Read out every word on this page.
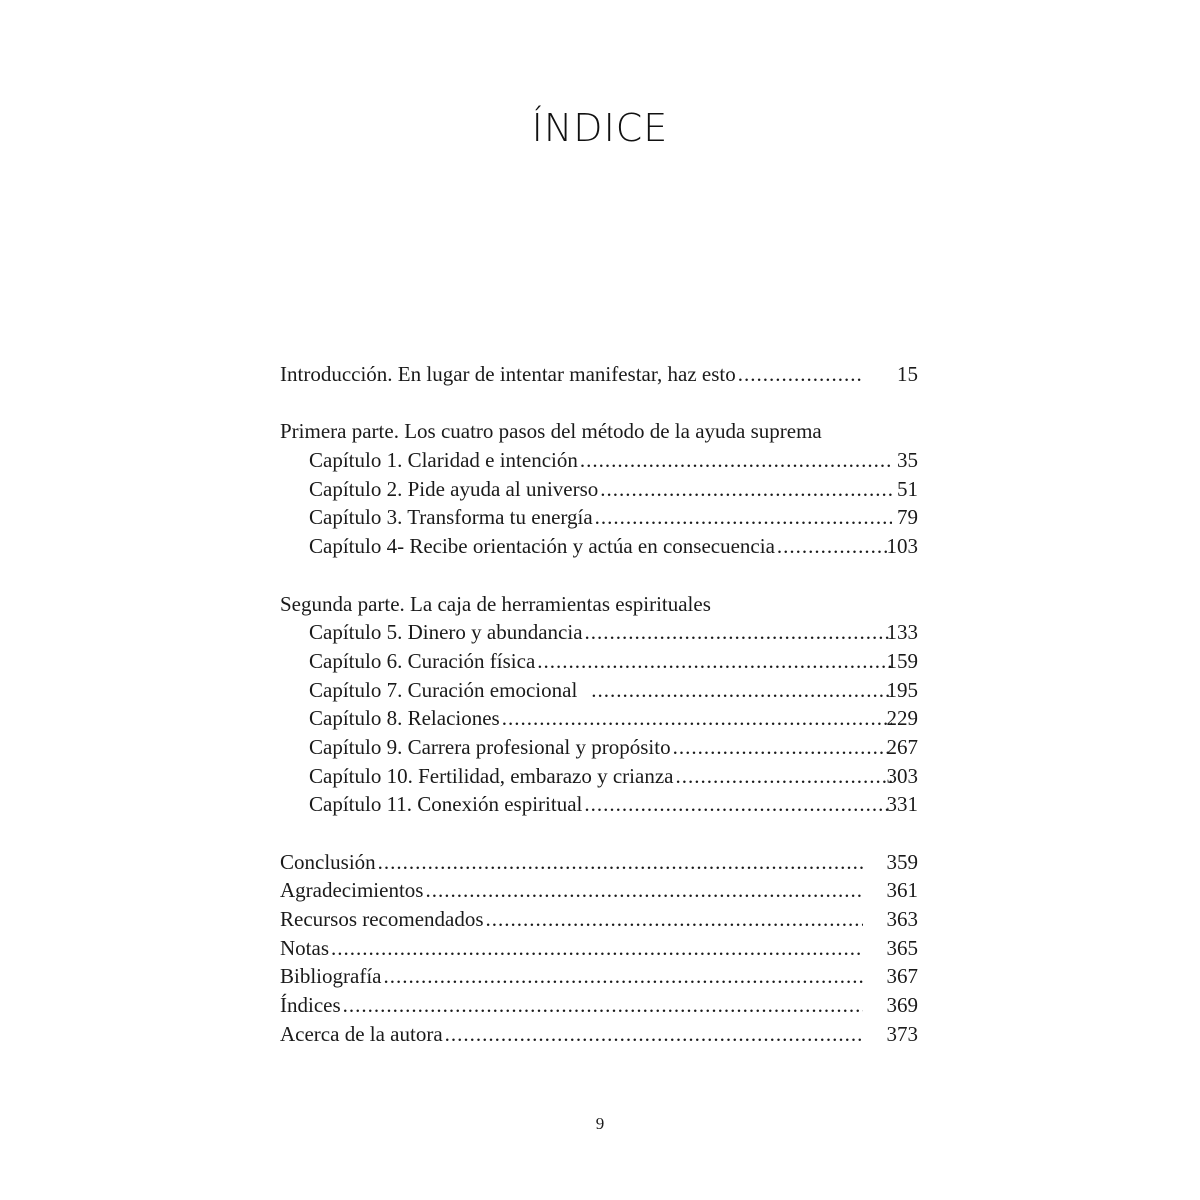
ÍNDICE
Introducción. En lugar de intentar manifestar, haz esto .....	15
Primera parte. Los cuatro pasos del método de la ayuda suprema
Capítulo 1. Claridad e intención .....	35
Capítulo 2. Pide ayuda al universo .....	51
Capítulo 3. Transforma tu energía .....	79
Capítulo 4- Recibe orientación y actúa en consecuencia .....	103
Segunda parte. La caja de herramientas espirituales
Capítulo 5. Dinero y abundancia .....	133
Capítulo 6. Curación física .....	159
Capítulo 7. Curación emocional .....	195
Capítulo 8. Relaciones .....	229
Capítulo 9. Carrera profesional y propósito .....	267
Capítulo 10. Fertilidad, embarazo y crianza .....	303
Capítulo 11. Conexión espiritual .....	331
Conclusión .....	359
Agradecimientos .....	361
Recursos recomendados .....	363
Notas .....	365
Bibliografía .....	367
Índices .....	369
Acerca de la autora .....	373
9
